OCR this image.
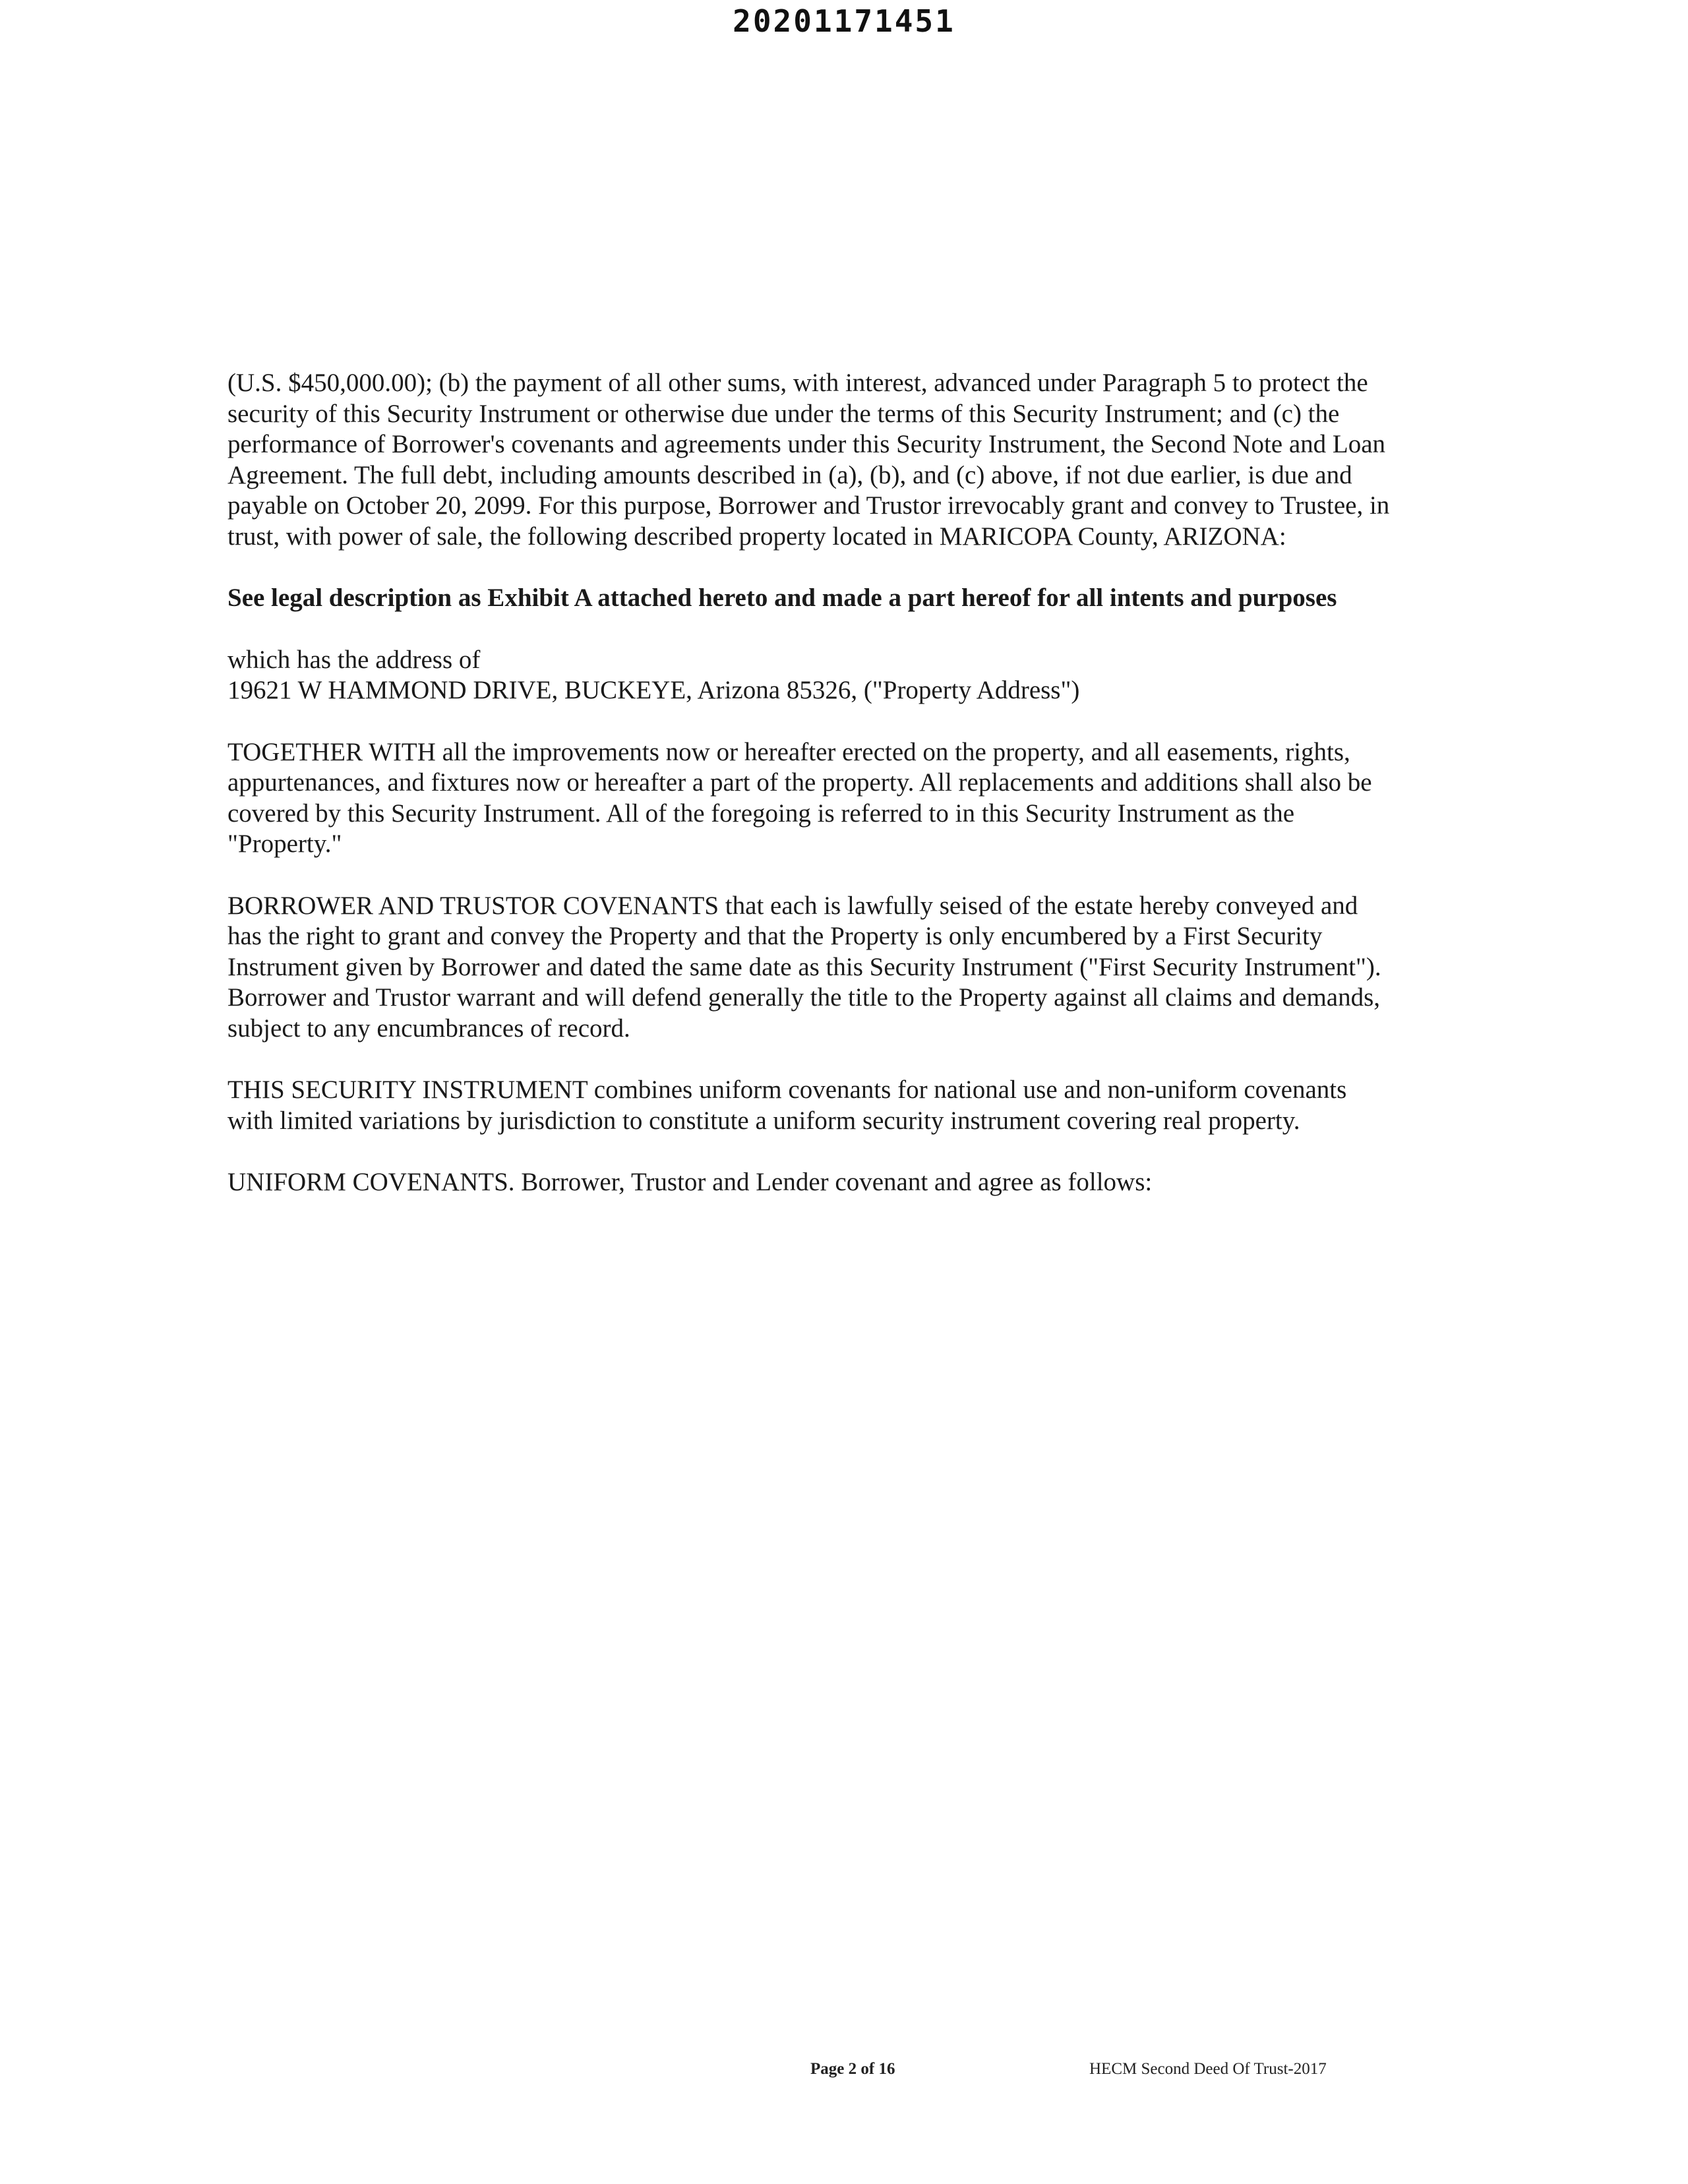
20201171451

(U.S. $450,000.00); (b) the payment of all other sums, with interest, advanced under Paragraph 5 to protect the security of this Security Instrument or otherwise due under the terms of this Security Instrument; and (c) the performance of Borrower's covenants and agreements under this Security Instrument, the Second Note and Loan Agreement. The full debt, including amounts described in (a), (b), and (c) above, if not due earlier, is due and payable on October 20, 2099. For this purpose, Borrower and Trustor irrevocably grant and convey to Trustee, in trust, with power of sale, the following described property located in MARICOPA County, ARIZONA:

See legal description as Exhibit A attached hereto and made a part hereof for all intents and purposes

which has the address of
19621 W HAMMOND DRIVE, BUCKEYE, Arizona 85326, ("Property Address")

TOGETHER WITH all the improvements now or hereafter erected on the property, and all easements, rights, appurtenances, and fixtures now or hereafter a part of the property. All replacements and additions shall also be covered by this Security Instrument. All of the foregoing is referred to in this Security Instrument as the "Property."

BORROWER AND TRUSTOR COVENANTS that each is lawfully seised of the estate hereby conveyed and has the right to grant and convey the Property and that the Property is only encumbered by a First Security Instrument given by Borrower and dated the same date as this Security Instrument ("First Security Instrument"). Borrower and Trustor warrant and will defend generally the title to the Property against all claims and demands, subject to any encumbrances of record.

THIS SECURITY INSTRUMENT combines uniform covenants for national use and non-uniform covenants with limited variations by jurisdiction to constitute a uniform security instrument covering real property.

UNIFORM COVENANTS. Borrower, Trustor and Lender covenant and agree as follows:

Page 2 of 16	HECM Second Deed Of Trust-2017
